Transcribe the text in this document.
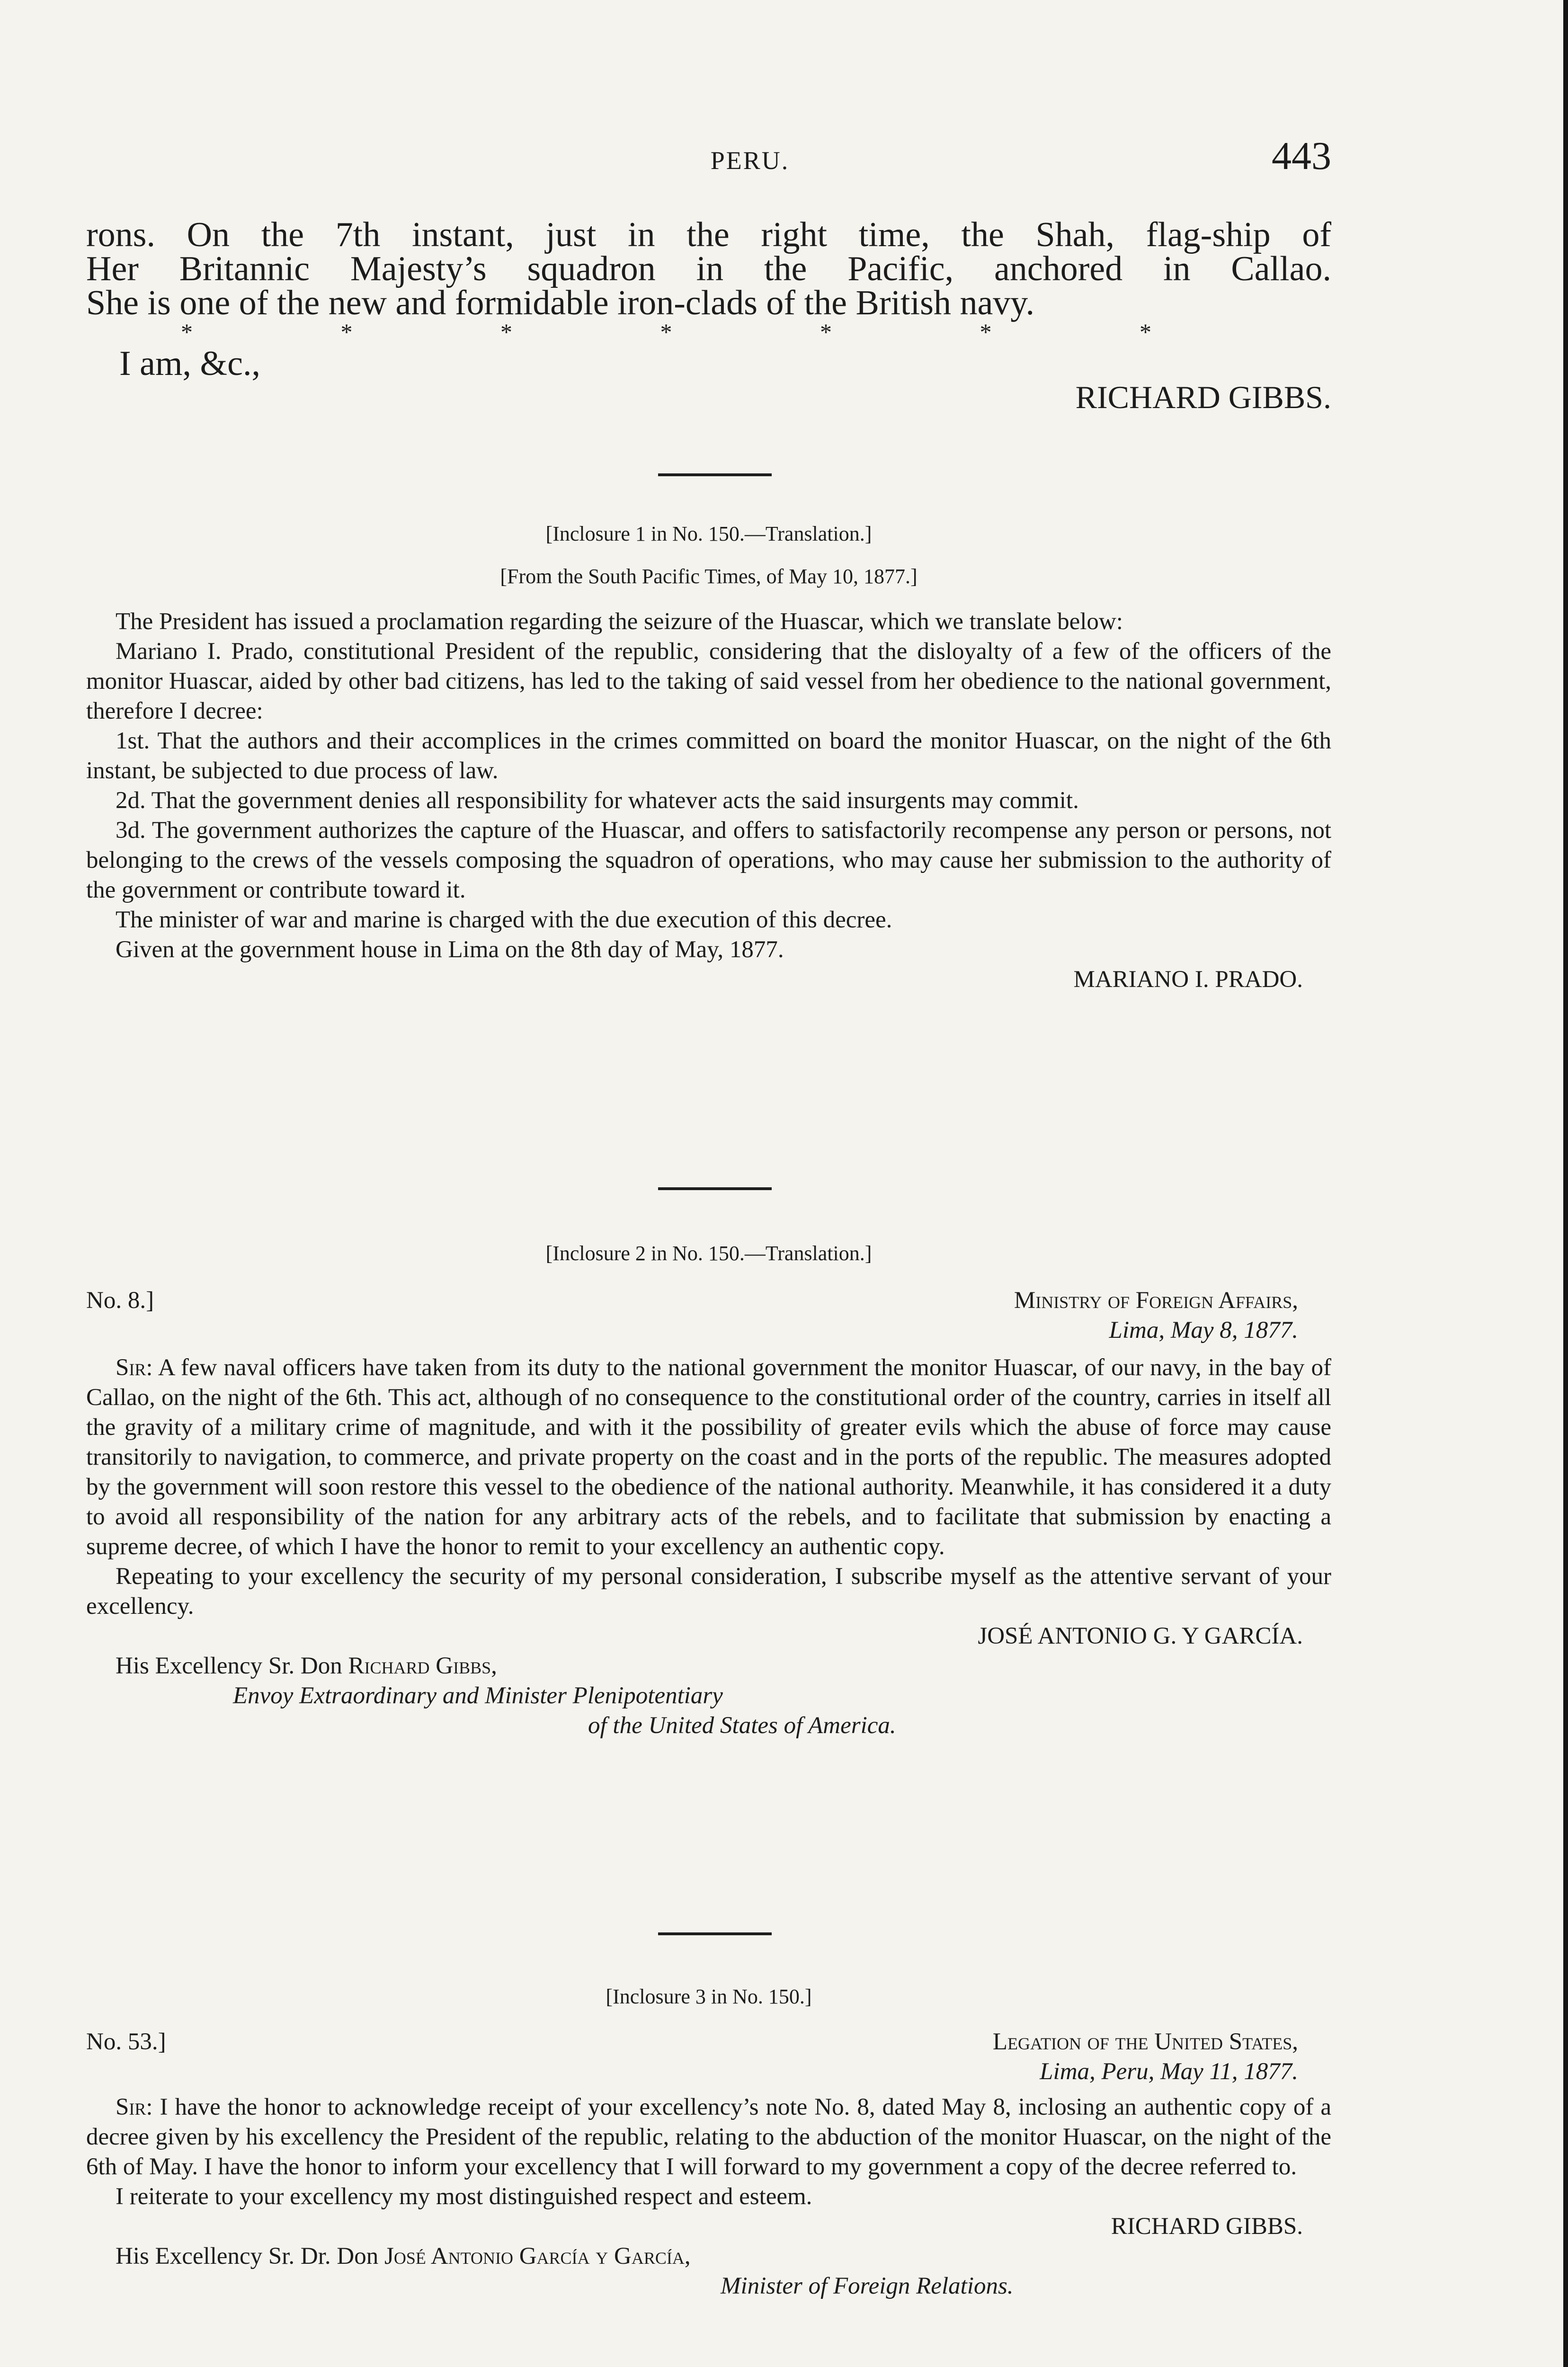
PERU.	443

rons. On the 7th instant, just in the right time, the Shah, flag-ship of

Her Britannic Majesty’s squadron in the Pacific, anchored in Callao.

She is one of the new and formidable iron-clads of the British navy.

* * * * * * *

I am, &c.,

RICHARD GIBBS.

[Inclosure 1 in No. 150.—Translation.]

[From the South Pacific Times, of May 10, 1877.]

The President has issued a proclamation regarding the seizure of the Huascar, which we translate below:

Mariano I. Prado, constitutional President of the republic, considering that the disloyalty of a few of the officers of the monitor Huascar, aided by other bad citizens, has led to the taking of said vessel from her obedience to the national government, therefore I decree:

1st. That the authors and their accomplices in the crimes committed on board the monitor Huascar, on the night of the 6th instant, be subjected to due process of law.

2d. That the government denies all responsibility for whatever acts the said insurgents may commit.

3d. The government authorizes the capture of the Huascar, and offers to satisfactorily recompense any person or persons, not belonging to the crews of the vessels composing the squadron of operations, who may cause her submission to the authority of the government or contribute toward it.

The minister of war and marine is charged with the due execution of this decree.

Given at the government house in Lima on the 8th day of May, 1877.

MARIANO I. PRADO.

[Inclosure 2 in No. 150.—Translation.]

No. 8.]	Ministry of Foreign Affairs,

Lima, May 8, 1877.

Sir: A few naval officers have taken from its duty to the national government the monitor Huascar, of our navy, in the bay of Callao, on the night of the 6th. This act, although of no consequence to the constitutional order of the country, carries in itself all the gravity of a military crime of magnitude, and with it the possibility of greater evils which the abuse of force may cause transitorily to navigation, to commerce, and private property on the coast and in the ports of the republic. The measures adopted by the government will soon restore this vessel to the obedience of the national authority. Meanwhile, it has considered it a duty to avoid all responsibility of the nation for any arbitrary acts of the rebels, and to facilitate that submission by enacting a supreme decree, of which I have the honor to remit to your excellency an authentic copy.

Repeating to your excellency the security of my personal consideration, I subscribe myself as the attentive servant of your excellency.

JOSÉ ANTONIO G. Y GARCÍA.

His Excellency Sr. Don Richard Gibbs,

Envoy Extraordinary and Minister Plenipotentiary

of the United States of America.

[Inclosure 3 in No. 150.]

No. 53.]	Legation of the United States,

Lima, Peru, May 11, 1877.

Sir: I have the honor to acknowledge receipt of your excellency’s note No. 8, dated May 8, inclosing an authentic copy of a decree given by his excellency the President of the republic, relating to the abduction of the monitor Huascar, on the night of the 6th of May. I have the honor to inform your excellency that I will forward to my government a copy of the decree referred to.

I reiterate to your excellency my most distinguished respect and esteem.

RICHARD GIBBS.

His Excellency Sr. Dr. Don José Antonio García y García,

Minister of Foreign Relations.
